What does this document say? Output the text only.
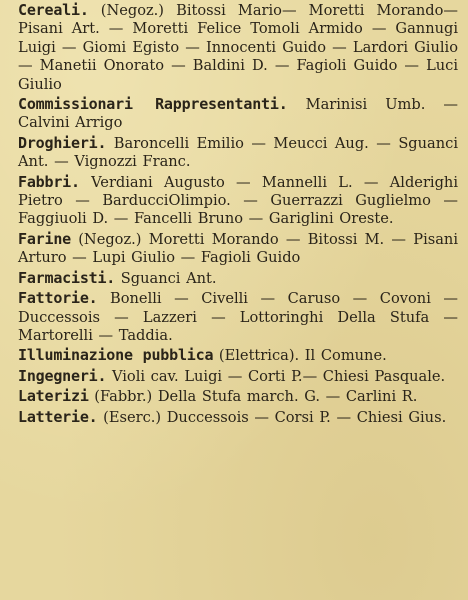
Cereali. (Negoz.) Bitossi Mario— Moretti Morando— Pisani Art. — Moretti Felice Tomoli Armido — Gannugi Luigi — Giomi Egisto — Innocenti Guido — Lardori Giulio — Manetii Onorato — Baldini D. — Fagioli Guido — Luci Giulio

Commissionari Rappresentanti. Marinisi Umb. — Calvini Arrigo

Droghieri. Baroncelli Emilio — Meucci Aug. — Sguanci Ant. — Vignozzi Franc.

Fabbri. Verdiani Augusto — Mannelli L. — Alderighi Pietro — BarducciOlimpio. — Guerrazzi Guglielmo — Faggiuoli D. — Fancelli Bruno — Gariglini Oreste.

Farine (Negoz.) Moretti Morando — Bitossi M. — Pisani Arturo — Lupi Giulio — Fagioli Guido

Farmacisti. Sguanci Ant.

Fattorie. Bonelli — Civelli — Caruso — Covoni — Duccessois — Lazzeri — Lottoringhi Della Stufa — Martorelli — Taddia.

Illuminazione pubblica (Elettrica). Il Comune.

Ingegneri. Violi cav. Luigi — Corti P.— Chiesi Pasquale.

Laterizi (Fabbr.) Della Stufa march. G. — Carlini R.

Latterie. (Eserc.) Duccessois — Corsi P. — Chiesi Gius.
